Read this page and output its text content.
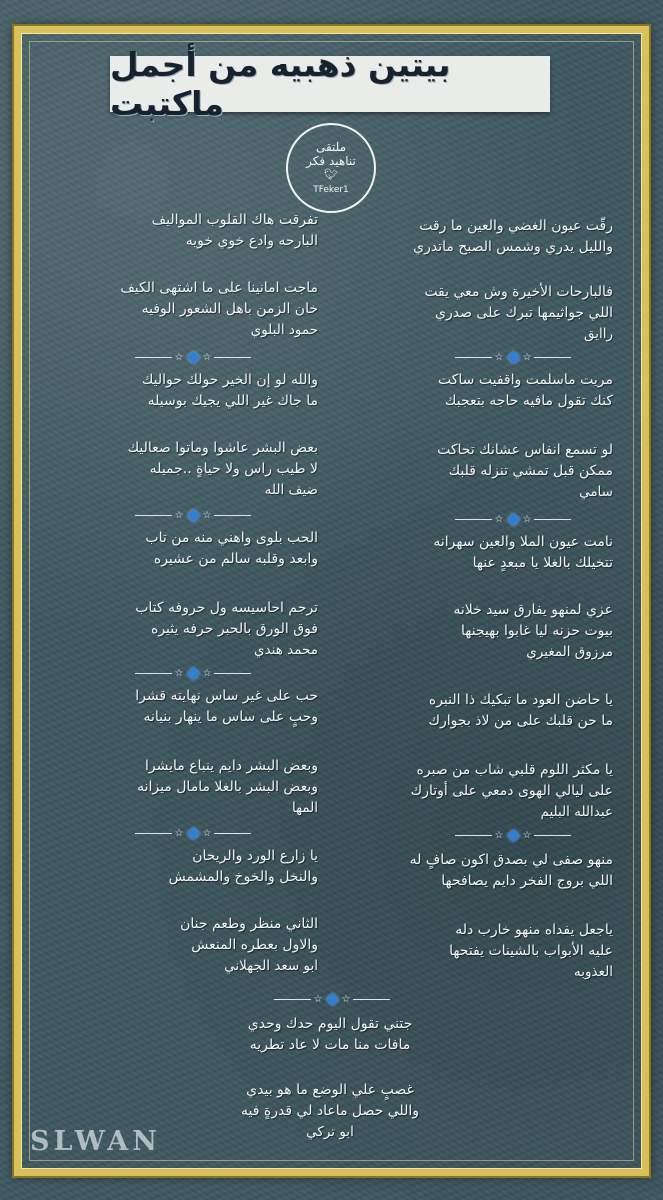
بيتين ذهبيه من أجمل ماكتبت
ملتقى
تناهيد فكر
🐦︎
TFeker1
رقّت عيون الغضي والعين ما رقت
والليل يدري وشمس الصبح ماتدري
فالبارحات الأخيرة وش معي يقت
اللي جواثيمها تبرك على صدري
راايق
☆ ☆
مريت ماسلمت واقفيت ساكت
كنك تقول مافيه حاجه بتعجبك
لو تسمع انفاس عشانك تحاكت
ممكن قبل تمشي تنزله قلبك
سامي
☆ ☆
نامت عيون الملا والعين سهرانه
تتخيلك بالغلا يا مبعدٍ عنها
عزي لمنهو يفارق سيد خلانه
بيوت حزنه ليا غابوا بهيجنها
مرزوق المغيري
يا حاضن العود ما تبكيك ذا النبره
ما حن قلبك على من لاذ بجوارك
يا مكثر اللوم قلبي شاب من صبره
على ليالي الهوى دمعي على أوتارك
عبدالله البليم
☆ ☆
منهو صفى لي بصدق اكون صافٍ له
اللي بروج الفخر دايم يصافحها
ياجعل يفداه منهو خارب دله
عليه الأبواب بالشينات يفتحها
العذوبه
تفرقت هاك القلوب المواليف
البارحه وادع خوي خويه
ماجت امانينا على ما اشتهى الكيف
خان الزمن باهل الشعور الوفيه
حمود البلوي
☆ ☆
والله لو إن الخير حولك حواليك
ما جاك غير اللي يجيك بوسيله
بعض البشر عاشوا وماتوا صعاليك
لا طيب راس ولا حياةٍ ..جميله
ضيف الله
☆ ☆
الحب بلوى واهني منه من تاب
وابعد وقلبه سالم من عشيره
ترجم احاسيسه ول حروفه كتاب
فوق الورق بالحبر حرفه يثيره
محمد هندي
☆ ☆
حب على غير ساس نهايته قشرا
وحبٍ على ساس ما ينهار بنيانه
وبعض البشر دايم ينباع مايشرا
وبعض البشر بالغلا مامال ميزانه
المها
☆ ☆
يا زارع الورد والريحان
والنخل والخوخ والمشمش
الثاني منظر وطعم جنان
والاول بعطره المنعش
ابو سعد الجهلاني
☆ ☆
جتني تقول اليوم حدك وحدي
مافات منا مات لا عاد تطريه
غصبٍ علي الوضع ما هو بيدي
واللي حصل ماعاد لي قدرةٍ فيه
ابو تركي
SLWAN
